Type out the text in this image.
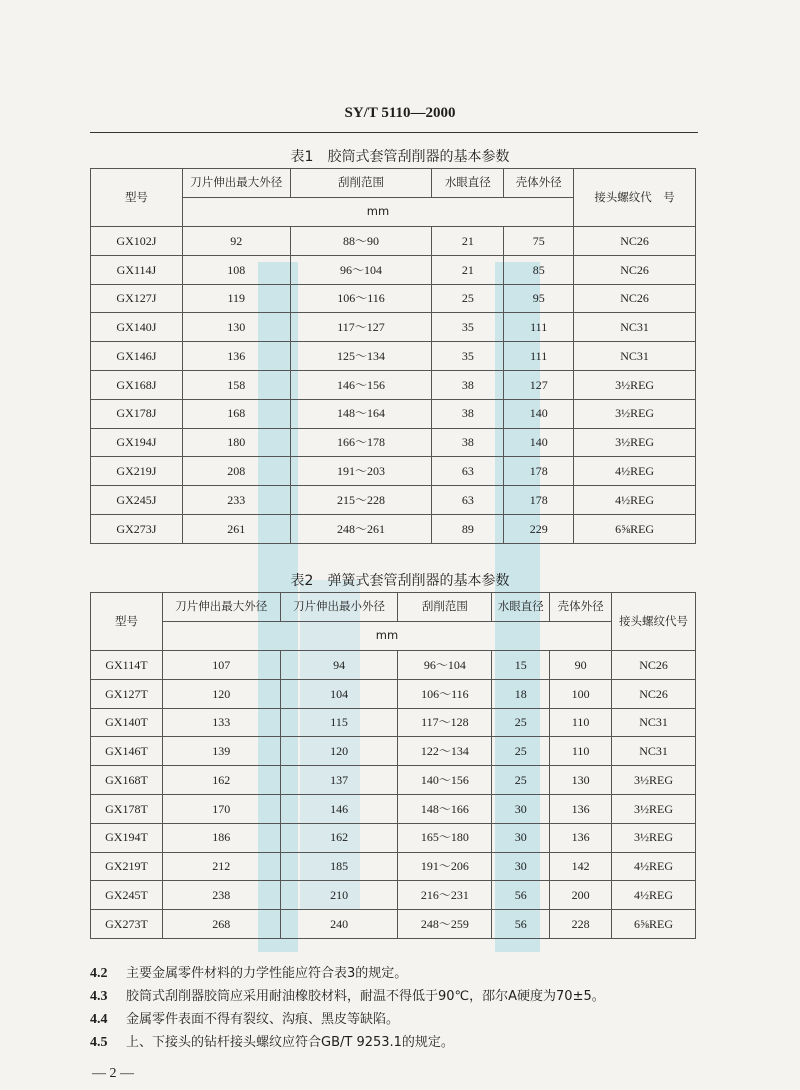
SY/T 5110—2000
表1　胶筒式套管刮削器的基本参数
型号	刀片伸出最大外径	刮削范围	水眼直径	壳体外径	接头螺纹代　号
	mm				
GX102J	92	88～90	21	75	NC26
GX114J	108	96～104	21	85	NC26
GX127J	119	106～116	25	95	NC26
GX140J	130	117～127	35	111	NC31
GX146J	136	125～134	35	111	NC31
GX168J	158	146～156	38	127	3½REG
GX178J	168	148～164	38	140	3½REG
GX194J	180	166～178	38	140	3½REG
GX219J	208	191～203	63	178	4½REG
GX245J	233	215～228	63	178	4½REG
GX273J	261	248～261	89	229	6⅝REG
表2　弹簧式套管刮削器的基本参数
型号	刀片伸出最大外径	刀片伸出最小外径	刮削范围	水眼直径	壳体外径	接头螺纹代号
	mm					
GX114T	107	94	96～104	15	90	NC26
GX127T	120	104	106～116	18	100	NC26
GX140T	133	115	117～128	25	110	NC31
GX146T	139	120	122～134	25	110	NC31
GX168T	162	137	140～156	25	130	3½REG
GX178T	170	146	148～166	30	136	3½REG
GX194T	186	162	165～180	30	136	3½REG
GX219T	212	185	191～206	30	142	4½REG
GX245T	238	210	216～231	56	200	4½REG
GX273T	268	240	248～259	56	228	6⅝REG
4.2 主要金属零件材料的力学性能应符合表3的规定。
4.3 胶筒式刮削器胶筒应采用耐油橡胶材料，耐温不得低于90℃，邵尔A硬度为70±5。
4.4 金属零件表面不得有裂纹、沟痕、黑皮等缺陷。
4.5 上、下接头的钻杆接头螺纹应符合GB/T 9253.1的规定。
— 2 —
